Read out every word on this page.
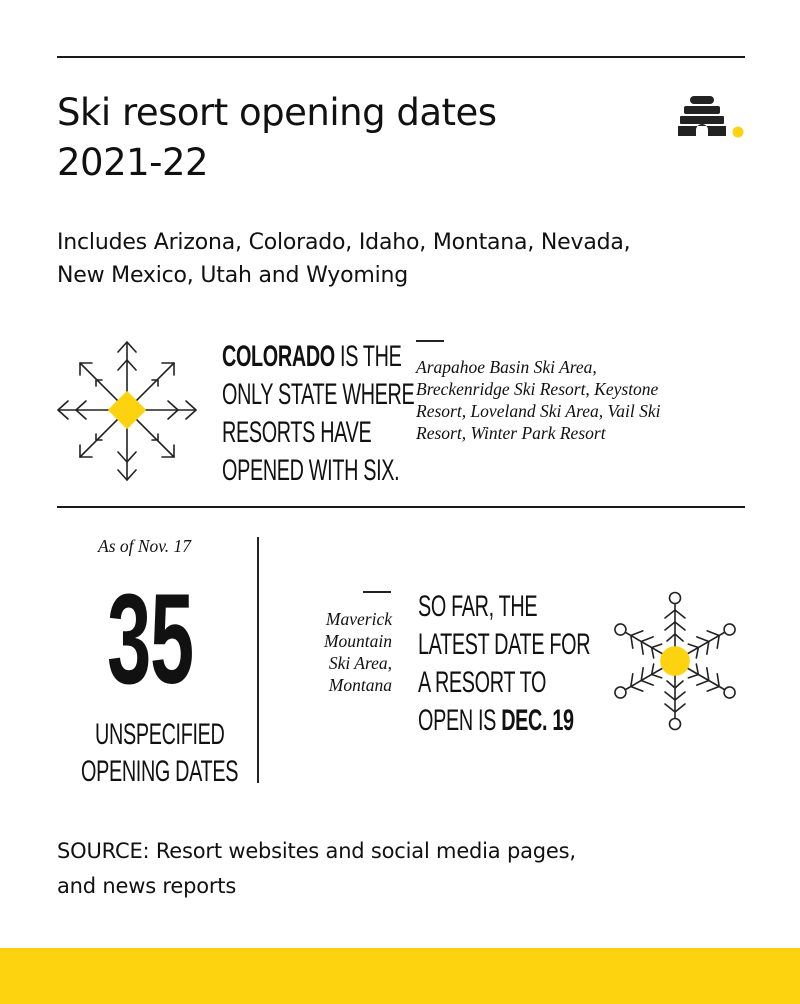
Ski resort opening dates
2021-22
Includes Arizona, Colorado, Idaho, Montana, Nevada,
New Mexico, Utah and Wyoming
COLORADO IS THE
ONLY STATE WHERE
RESORTS HAVE
OPENED WITH SIX.
Arapahoe Basin Ski Area,
Breckenridge Ski Resort, Keystone
Resort, Loveland Ski Area, Vail Ski
Resort, Winter Park Resort
As of Nov. 17
35
UNSPECIFIED
OPENING DATES
Maverick
Mountain
Ski Area,
Montana
SO FAR, THE
LATEST DATE FOR
A RESORT TO
OPEN IS DEC. 19
SOURCE: Resort websites and social media pages,
and news reports
